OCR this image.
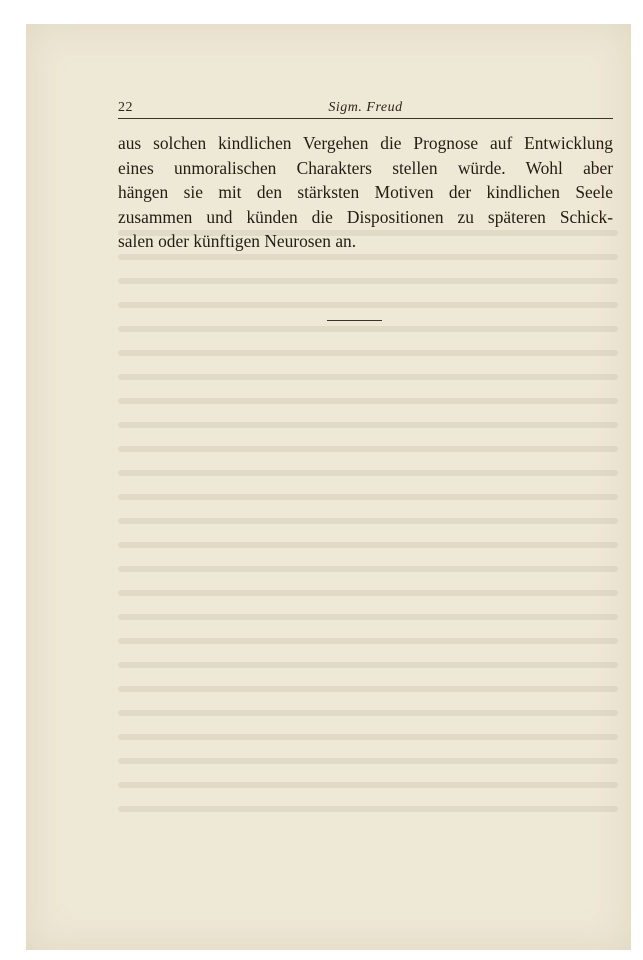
22	Sigm. Freud
aus solchen kindlichen Vergehen die Prognose auf Entwicklung
eines unmoralischen Charakters stellen würde. Wohl aber
hängen sie mit den stärksten Motiven der kindlichen Seele
zusammen und künden die Dispositionen zu späteren Schick-
salen oder künftigen Neurosen an.
